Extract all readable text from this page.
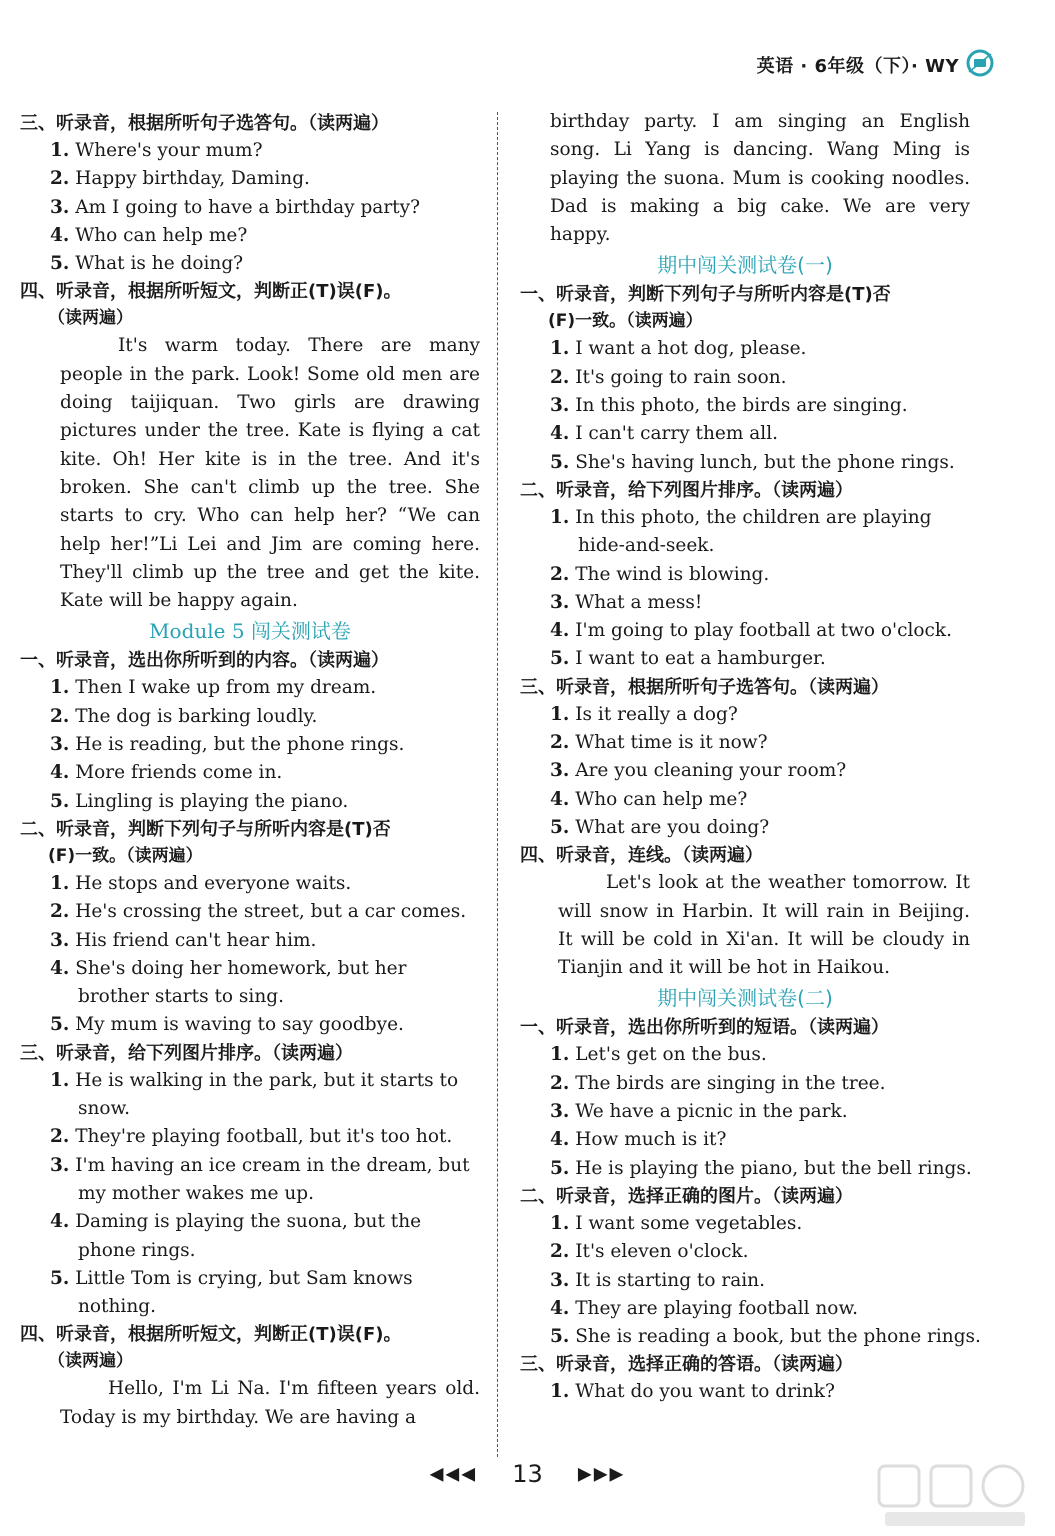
英语 · 6年级（下）· WY
三、听录音，根据所听句子选答句。（读两遍）
1. Where's your mum?
2. Happy birthday, Daming.
3. Am I going to have a birthday party?
4. Who can help me?
5. What is he doing?
四、听录音，根据所听短文，判断正(T)误(F)。
（读两遍）
It's warm today. There are many people in the park. Look! Some old men are doing taijiquan. Two girls are drawing pictures under the tree. Kate is flying a cat kite. Oh! Her kite is in the tree. And it's broken. She can't climb up the tree. She starts to cry. Who can help her? “We can help her!”Li Lei and Jim are coming here. They'll climb up the tree and get the kite. Kate will be happy again.
Module 5 闯关测试卷
一、听录音，选出你所听到的内容。（读两遍）
1. Then I wake up from my dream.
2. The dog is barking loudly.
3. He is reading, but the phone rings.
4. More friends come in.
5. Lingling is playing the piano.
二、听录音，判断下列句子与所听内容是(T)否
(F)一致。（读两遍）
1. He stops and everyone waits.
2. He's crossing the street, but a car comes.
3. His friend can't hear him.
4. She's doing her homework, but her brother starts to sing.
5. My mum is waving to say goodbye.
三、听录音，给下列图片排序。（读两遍）
1. He is walking in the park, but it starts to snow.
2. They're playing football, but it's too hot.
3. I'm having an ice cream in the dream, but my mother wakes me up.
4. Daming is playing the suona, but the phone rings.
5. Little Tom is crying, but Sam knows nothing.
四、听录音，根据所听短文，判断正(T)误(F)。
（读两遍）
Hello, I'm Li Na. I'm fifteen years old. Today is my birthday. We are having a
birthday party. I am singing an English song. Li Yang is dancing. Wang Ming is playing the suona. Mum is cooking noodles. Dad is making a big cake. We are very happy.
期中闯关测试卷(一)
一、听录音，判断下列句子与所听内容是(T)否
(F)一致。（读两遍）
1. I want a hot dog, please.
2. It's going to rain soon.
3. In this photo, the birds are singing.
4. I can't carry them all.
5. She's having lunch, but the phone rings.
二、听录音，给下列图片排序。（读两遍）
1. In this photo, the children are playing hide-and-seek.
2. The wind is blowing.
3. What a mess!
4. I'm going to play football at two o'clock.
5. I want to eat a hamburger.
三、听录音，根据所听句子选答句。（读两遍）
1. Is it really a dog?
2. What time is it now?
3. Are you cleaning your room?
4. Who can help me?
5. What are you doing?
四、听录音，连线。（读两遍）
Let's look at the weather tomorrow. It will snow in Harbin. It will rain in Beijing. It will be cold in Xi'an. It will be cloudy in Tianjin and it will be hot in Haikou.
期中闯关测试卷(二)
一、听录音，选出你所听到的短语。（读两遍）
1. Let's get on the bus.
2. The birds are singing in the tree.
3. We have a picnic in the park.
4. How much is it?
5. He is playing the piano, but the bell rings.
二、听录音，选择正确的图片。（读两遍）
1. I want some vegetables.
2. It's eleven o'clock.
3. It is starting to rain.
4. They are playing football now.
5. She is reading a book, but the phone rings.
三、听录音，选择正确的答语。（读两遍）
1. What do you want to drink?
◀◀◀ 13 ▶▶▶
